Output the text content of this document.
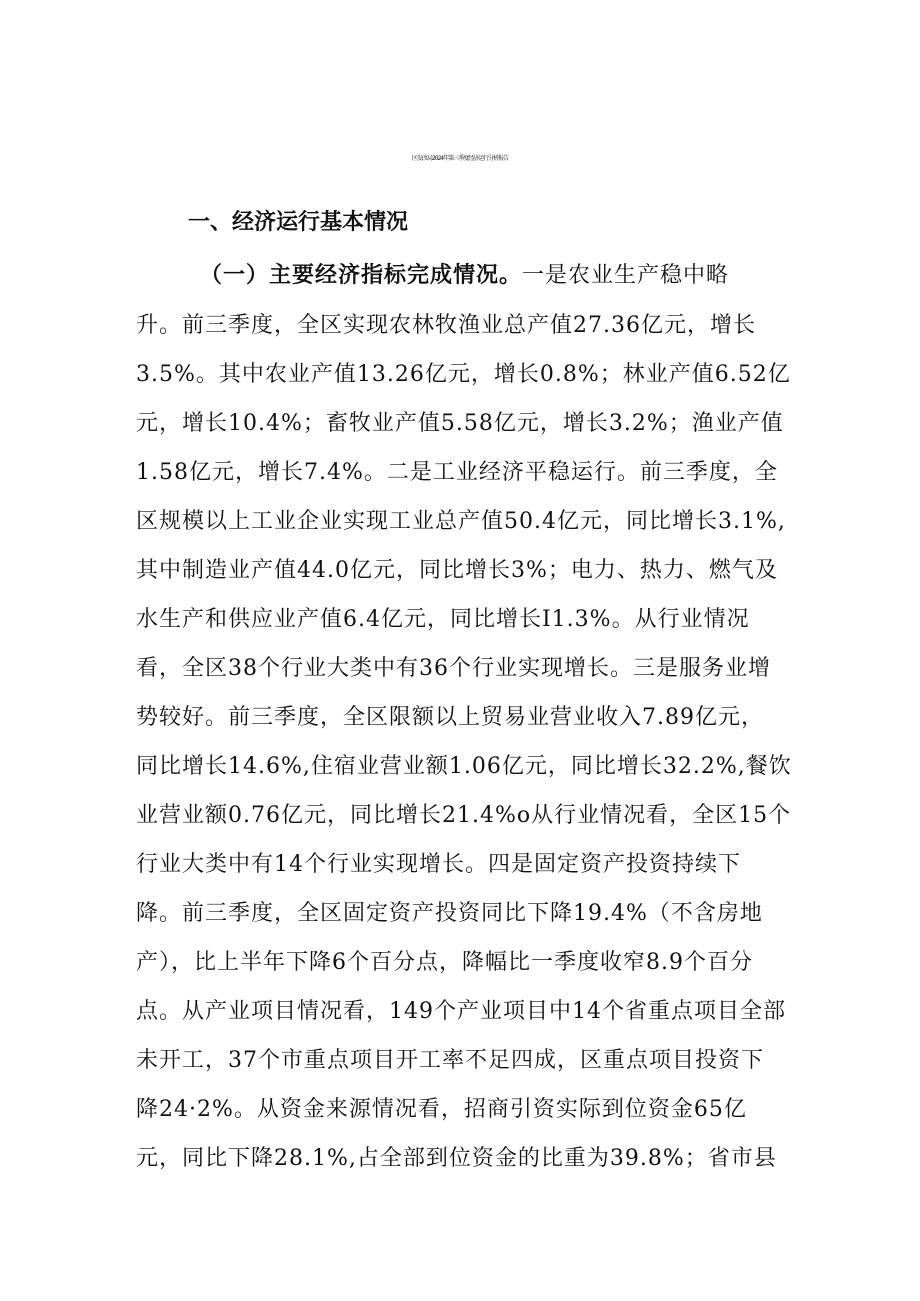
区发改局2024年第三季度经济运行分析报告
一、经济运行基本情况
（一）主要经济指标完成情况。一是农业生产稳中略
升。前三季度，全区实现农林牧渔业总产值27.36亿元，增长
3.5%。其中农业产值13.26亿元，增长0.8%；林业产值6.52亿
元，增长10.4%；畜牧业产值5.58亿元，增长3.2%；渔业产值
1.58亿元，增长7.4%。二是工业经济平稳运行。前三季度，全
区规模以上工业企业实现工业总产值50.4亿元，同比增长3.1%,
其中制造业产值44.0亿元，同比增长3%；电力、热力、燃气及
水生产和供应业产值6.4亿元，同比增长I1.3%。从行业情况
看，全区38个行业大类中有36个行业实现增长。三是服务业增
势较好。前三季度，全区限额以上贸易业营业收入7.89亿元，
同比增长14.6%,住宿业营业额1.06亿元，同比增长32.2%,餐饮
业营业额0.76亿元，同比增长21.4%o从行业情况看，全区15个
行业大类中有14个行业实现增长。四是固定资产投资持续下
降。前三季度，全区固定资产投资同比下降19.4%（不含房地
产），比上半年下降6个百分点，降幅比一季度收窄8.9个百分
点。从产业项目情况看，149个产业项目中14个省重点项目全部
未开工，37个市重点项目开工率不足四成，区重点项目投资下
降24·2%。从资金来源情况看，招商引资实际到位资金65亿
元，同比下降28.1%,占全部到位资金的比重为39.8%；省市县
